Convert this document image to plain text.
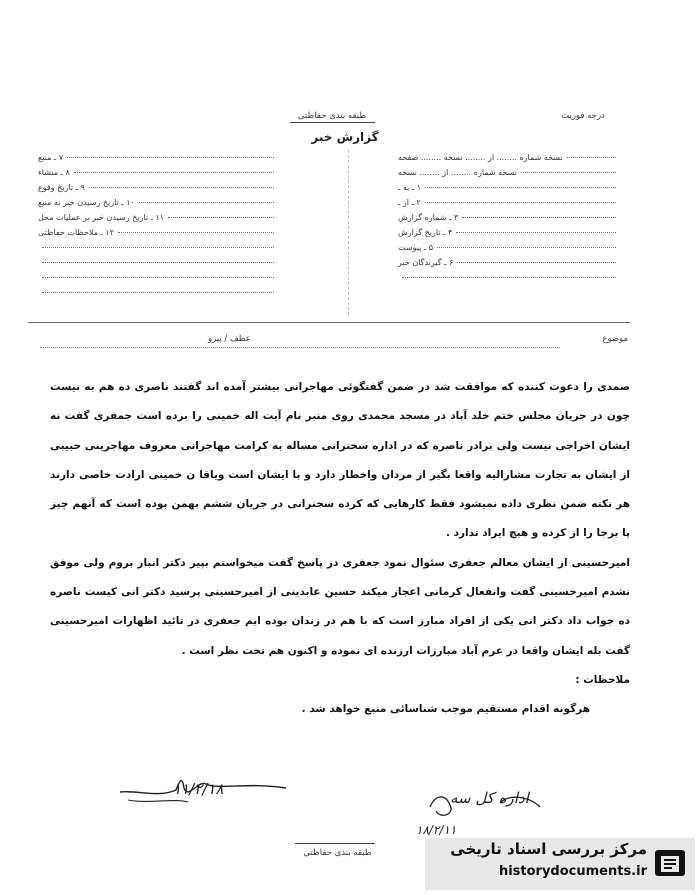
طبقه بندی حفاظتی	درجه فوریت
گزارش خبر
نسخه شماره ........ از ........ نسخه ........ صفحه
نسخه شماره ........ از ........ نسخه
۱ ـ به ـ
۲ ـ از ـ
۳ ـ شماره گزارش
۴ ـ تاریخ گزارش
۵ ـ پیوست
۶ ـ گیرندگان خبر
۷ ـ منبع
۸ ـ منشاء
۹ ـ تاریخ وقوع
۱۰ ـ تاریخ رسیدن خبر به منبع
۱۱ ـ تاریخ رسیدن خبر بر عملیات محل
۱۲ ـ ملاحظات حفاظتی
موضوع
عطف / پیرو

صمدی را دعوت کننده که موافقت شد در ضمن گفتگوئی مهاجرانی بیشتر آمده اند گفتند ناصری ده هم به نیست چون در جریان مجلس ختم خلد آباد در مسجد محمدی روی منبر نام آیت اله خمینی را برده است جمفری گفت نه ایشان اخراجی نیست ولی برادر ناصره که در اداره سخنرانی مساله به کرامت مهاجرانی معروف مهاجرینی حبیبی از ایشان به تجارت مشارالیه واقعا بگیر از مردان واخطار دارد و با ایشان است ویاقا ن خمینی ارادت خاصی دارند هر نکته ضمن نظری داده نمیشود فقط کارهایی که کرده سخنرانی در جریان ششم بهمن بوده است که آنهم چیز پا برجا را از کرده و هیچ ایراد ندارد .

امیرحسینی از ایشان معالم جعفری سئوال نمود جعفری در پاسخ گفت میخواستم بپیر دکتر انبار بروم ولی موفق نشدم امیرحسینی گفت وانفعال کرمانی اعجاز میکند حسین عابدینی از امیرحسینی پرسید دکتر انی کیست ناصره ده جواب داد دکتر انی یکی از افراد مبارز است که با هم در زندان بوده ایم جعفری در تائید اظهارات امیرحسینی گفت بله ایشان واقعا در عرم آباد مبارزات ارزنده ای نموده و اکنون هم تحت نظر است .

ملاحظات :

هرگونه اقدام مستقیم موجب شناسائی منبع خواهد شد .

۱۱/۲/۱۸	اداره کل سه
۱۸/۲/۱۱
طبقه بندی حفاظتی	مرکز بررسی اسناد تاریخی
historydocuments.ir
